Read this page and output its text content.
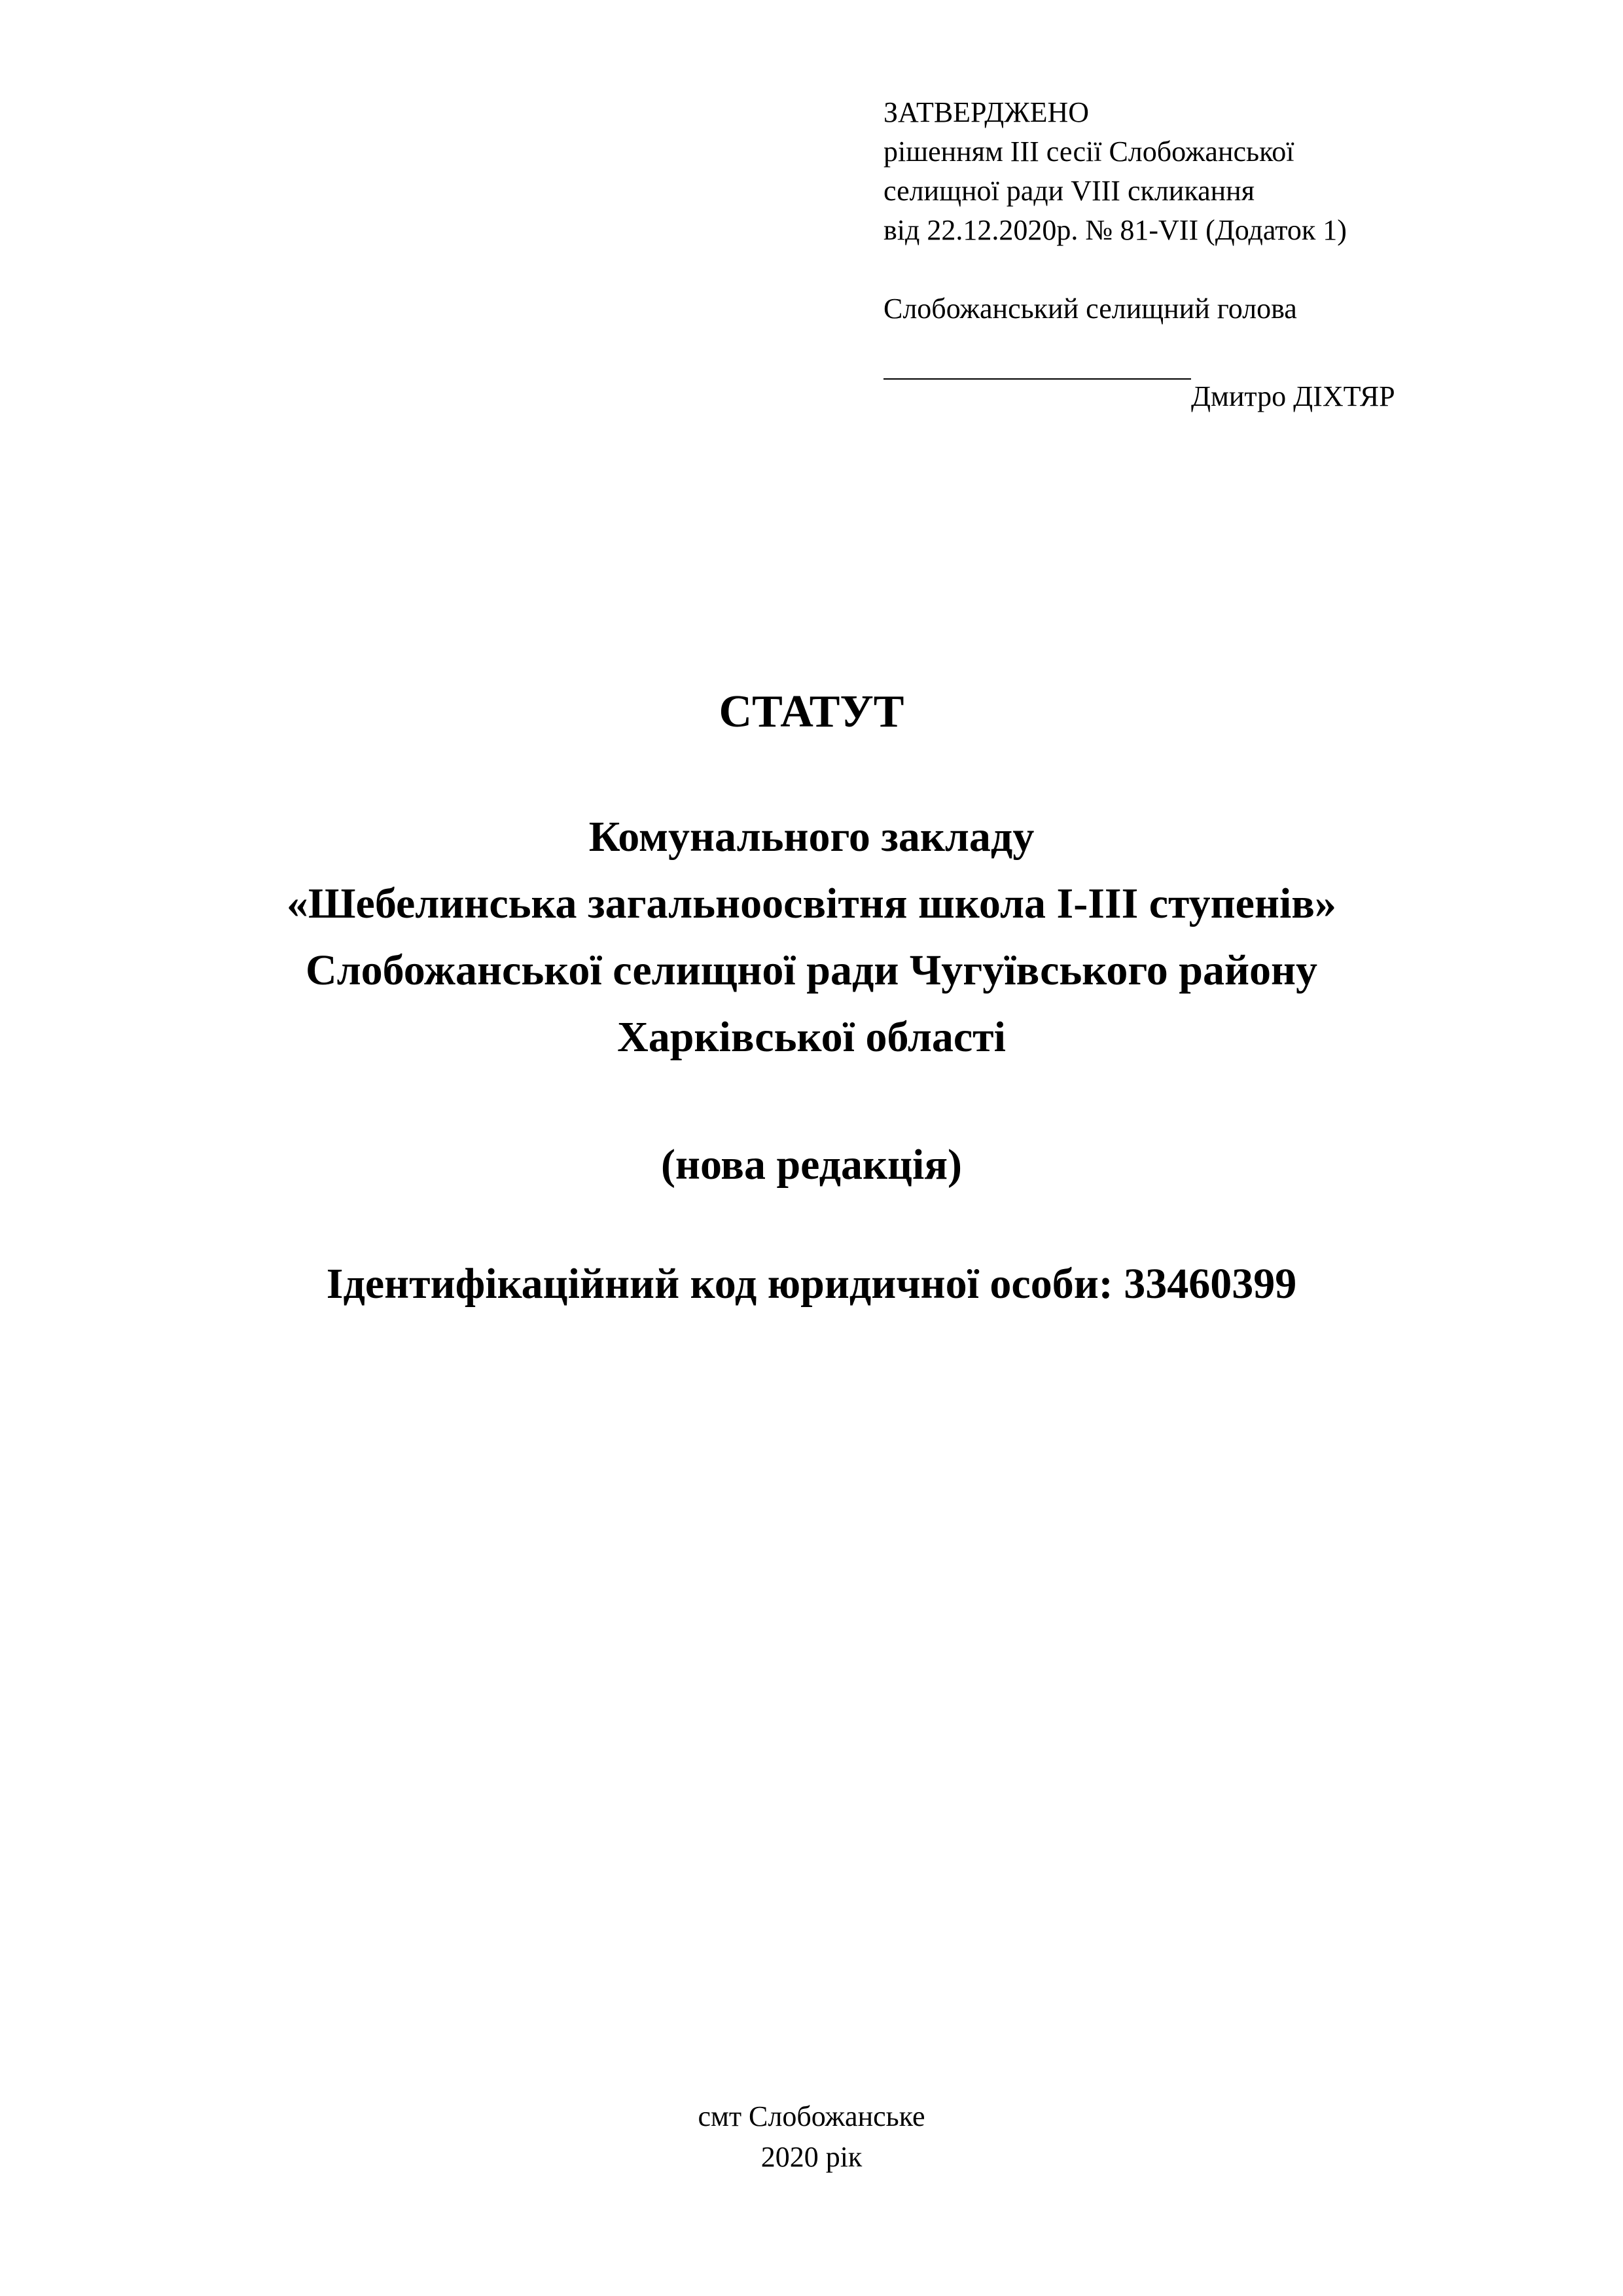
ЗАТВЕРДЖЕНО
рішенням ІІІ сесії Слобожанської
селищної ради VIII скликання
від 22.12.2020р. № 81-VII (Додаток 1)
Слобожанський селищний голова
Дмитро ДІХТЯР
СТАТУТ
Комунального закладу
«Шебелинська загальноосвітня школа І-ІІІ ступенів»
Слобожанської селищної ради Чугуївського району
Харківської області
(нова редакція)
Ідентифікаційний код юридичної особи: 33460399
смт Слобожанське
2020 рік
